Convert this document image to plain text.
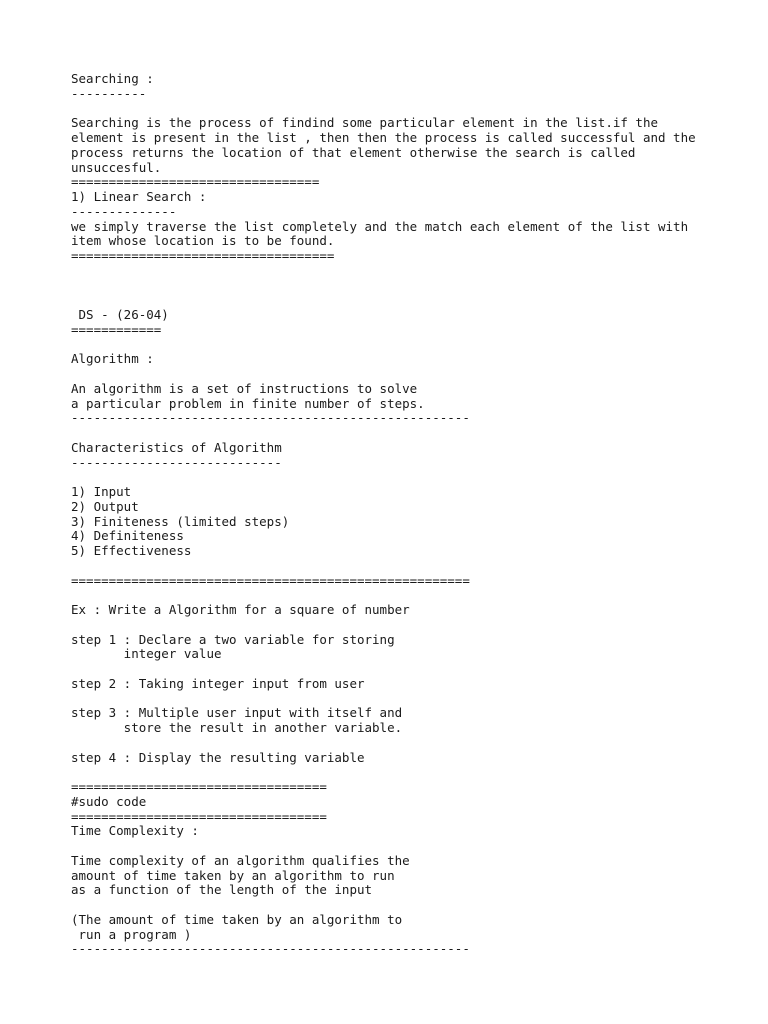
Searching :
----------

Searching is the process of findind some particular element in the list.if the
element is present in the list , then then the process is called successful and the
process returns the location of that element otherwise the search is called
unsuccesful.
=================================
1) Linear Search :
--------------
we simply traverse the list completely and the match each element of the list with
item whose location is to be found.
===================================

DS - (26-04)
============

Algorithm :

An algorithm is a set of instructions to solve
a particular problem in finite number of steps.
-----------------------------------------------------

Characteristics of Algorithm
----------------------------

1) Input
2) Output
3) Finiteness (limited steps)
4) Definiteness
5) Effectiveness

=====================================================

Ex : Write a Algorithm for a square of number

step 1 : Declare a two variable for storing
integer value

step 2 : Taking integer input from user

step 3 : Multiple user input with itself and
store the result in another variable.

step 4 : Display the resulting variable

==================================
#sudo code
==================================
Time Complexity :

Time complexity of an algorithm qualifies the
amount of time taken by an algorithm to run
as a function of the length of the input

(The amount of time taken by an algorithm to
run a program )
-----------------------------------------------------
